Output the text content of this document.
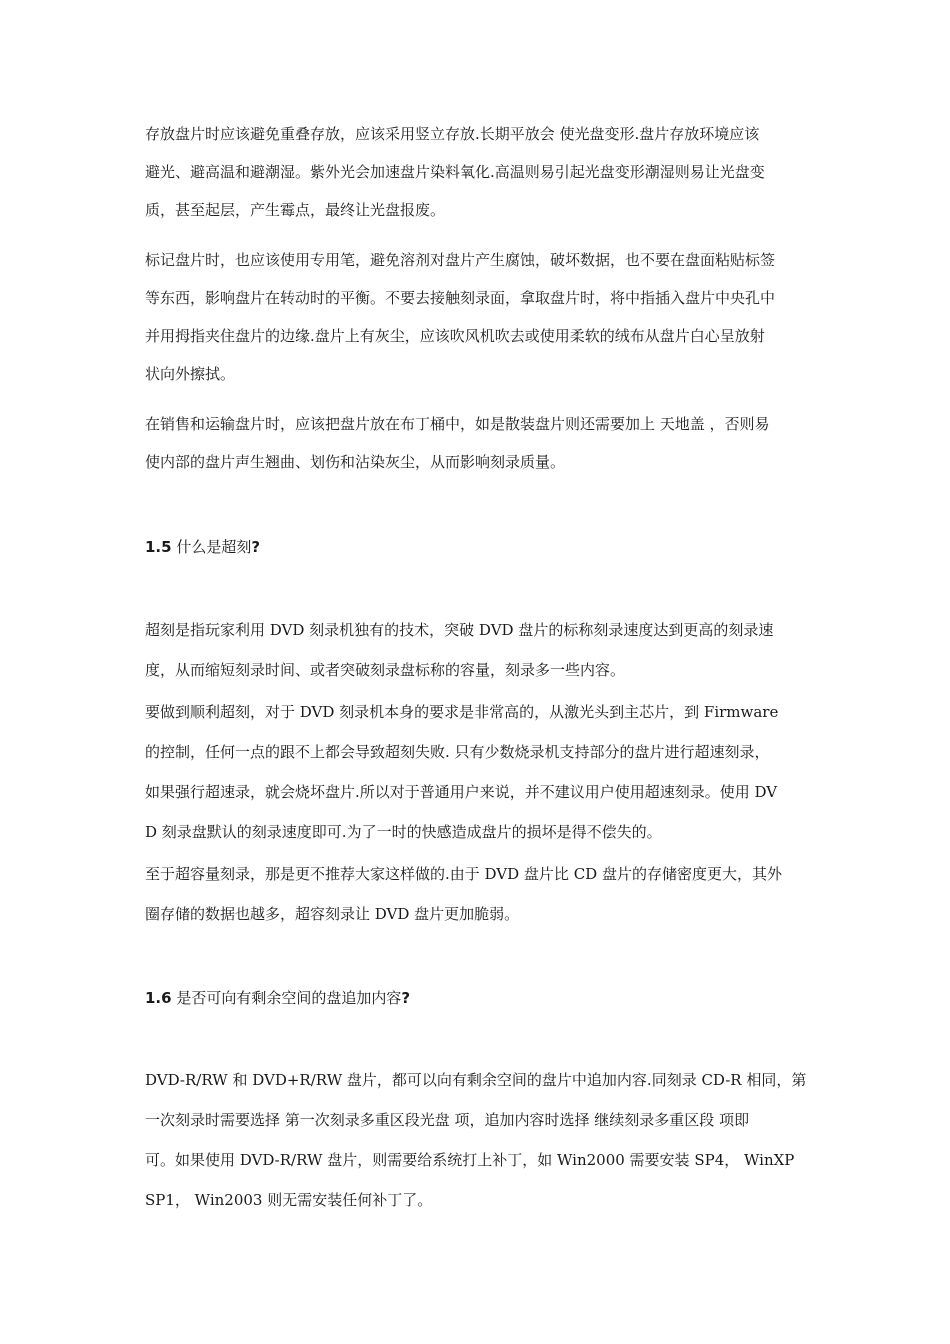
存放盘片时应该避免重叠存放，应该采用竖立存放.长期平放会 使光盘变形.盘片存放环境应该
避光、避高温和避潮湿。紫外光会加速盘片染料氧化.高温则易引起光盘变形潮湿则易让光盘变
质，甚至起层，产生霉点，最终让光盘报废。
标记盘片时，也应该使用专用笔，避免溶剂对盘片产生腐蚀，破坏数据，也不要在盘面粘贴标签
等东西，影响盘片在转动时的平衡。不要去接触刻录面，拿取盘片时，将中指插入盘片中央孔中
并用拇指夹住盘片的边缘.盘片上有灰尘，应该吹风机吹去或使用柔软的绒布从盘片白心呈放射
状向外擦拭。
在销售和运输盘片时，应该把盘片放在布丁桶中，如是散装盘片则还需要加上 天地盖 ，否则易
使内部的盘片声生翘曲、划伤和沾染灰尘，从而影响刻录质量。
1.5 什么是超刻?
超刻是指玩家利用 DVD 刻录机独有的技术，突破 DVD 盘片的标称刻录速度达到更高的刻录速
度，从而缩短刻录时间、或者突破刻录盘标称的容量，刻录多一些内容。
要做到顺利超刻，对于 DVD 刻录机本身的要求是非常高的，从激光头到主芯片，到 Firmware
的控制，任何一点的跟不上都会导致超刻失败. 只有少数烧录机支持部分的盘片进行超速刻录，
如果强行超速录，就会烧坏盘片.所以对于普通用户来说，并不建议用户使用超速刻录。使用 DV
D 刻录盘默认的刻录速度即可.为了一时的快感造成盘片的损坏是得不偿失的。
至于超容量刻录，那是更不推荐大家这样做的.由于 DVD 盘片比 CD 盘片的存储密度更大，其外
圈存储的数据也越多，超容刻录让 DVD 盘片更加脆弱。
1.6 是否可向有剩余空间的盘追加内容?
DVD-R/RW 和 DVD+R/RW 盘片，都可以向有剩余空间的盘片中追加内容.同刻录 CD-R 相同，第
一次刻录时需要选择 第一次刻录多重区段光盘 项，追加内容时选择 继续刻录多重区段 项即
可。如果使用 DVD-R/RW 盘片，则需要给系统打上补丁，如 Win2000 需要安装 SP4， WinXP
SP1， Win2003 则无需安装任何补丁了。
